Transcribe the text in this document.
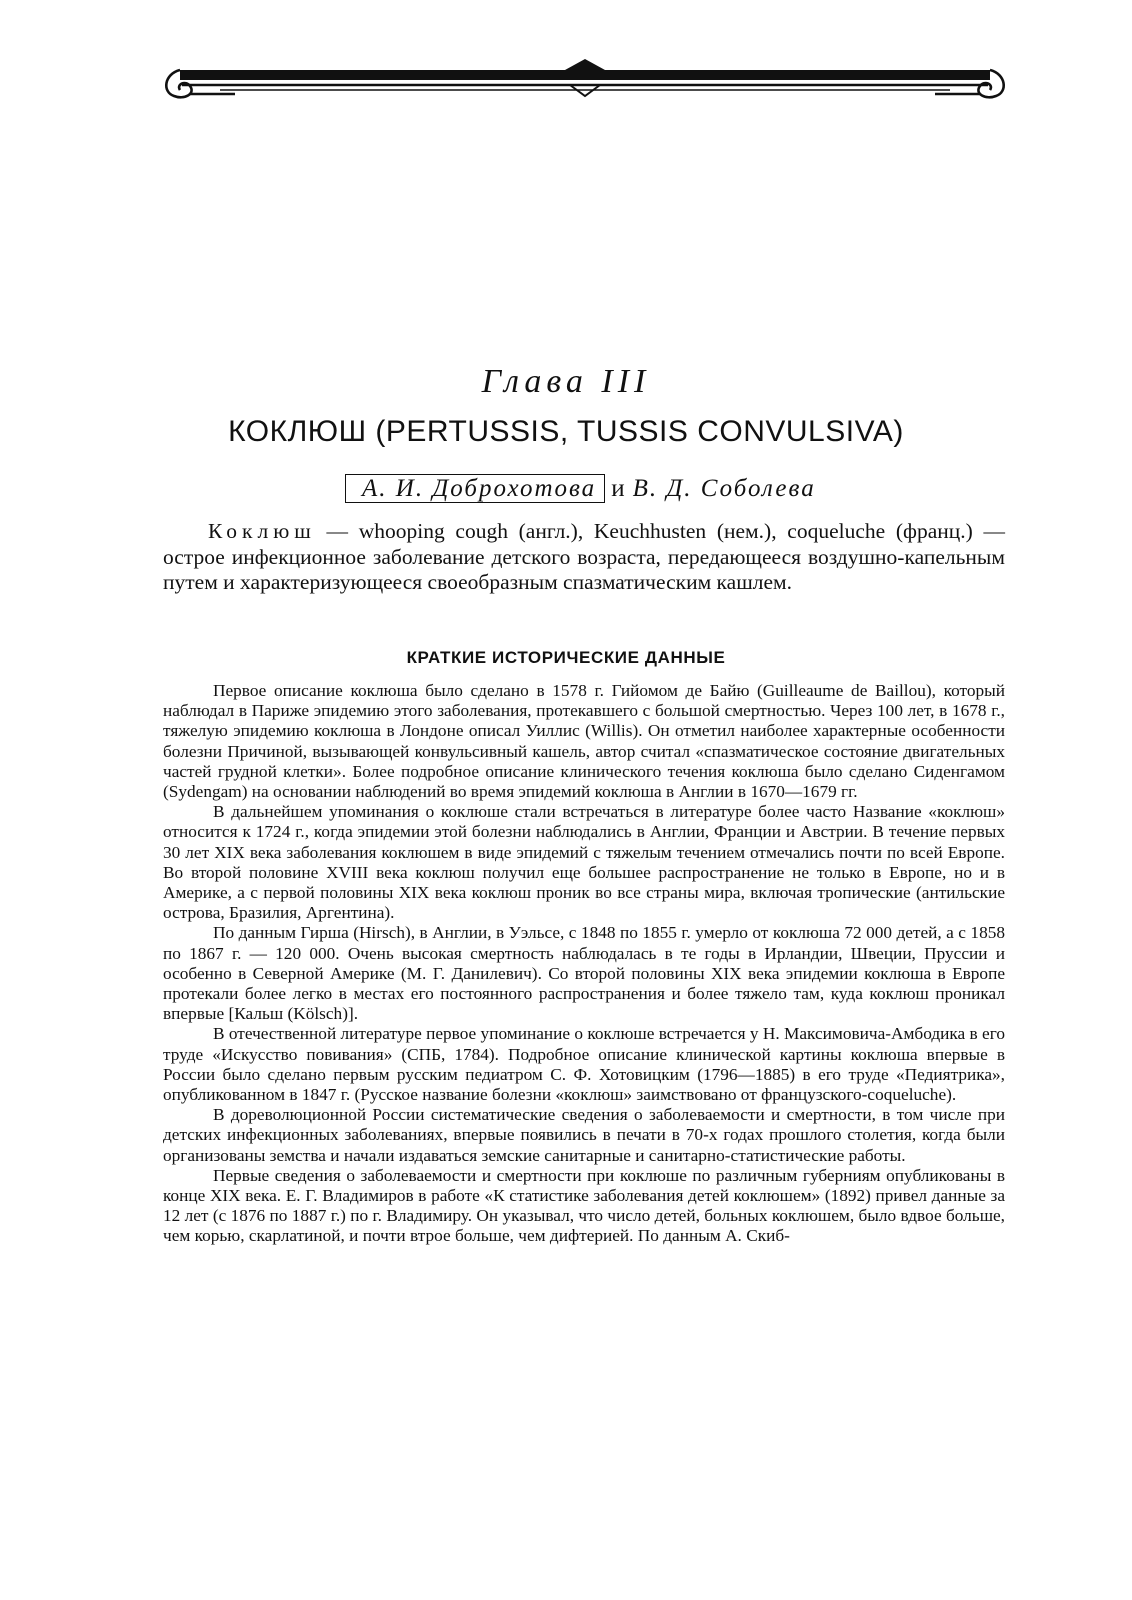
Глава III
КОКЛЮШ (PERTUSSIS, TUSSIS CONVULSIVA)
А. И. Доброхотова и В. Д. Соболева

Коклюш — whooping cough (англ.), Keuchhusten (нем.), coqueluche (франц.) — острое инфекционное заболевание детского возраста, передающееся воздушно-капельным путем и характеризующееся своеобразным спазматическим кашлем.

КРАТКИЕ ИСТОРИЧЕСКИЕ ДАННЫЕ

Первое описание коклюша было сделано в 1578 г. Гийомом де Байю (Guilleaume de Baillou), который наблюдал в Париже эпидемию этого заболевания, протекавшего с большой смертностью. Через 100 лет, в 1678 г., тяжелую эпидемию коклюша в Лондоне описал Уиллис (Willis). Он отметил наиболее характерные особенности болезни Причиной, вызывающей конвульсивный кашель, автор считал «спазматическое состояние двигательных частей грудной клетки». Более подробное описание клинического течения коклюша было сделано Сиденгамом (Sydengam) на основании наблюдений во время эпидемий коклюша в Англии в 1670—1679 гг.

В дальнейшем упоминания о коклюше стали встречаться в литературе более часто Название «коклюш» относится к 1724 г., когда эпидемии этой болезни наблюдались в Англии, Франции и Австрии. В течение первых 30 лет XIX века заболевания коклюшем в виде эпидемий с тяжелым течением отмечались почти по всей Европе. Во второй половине XVIII века коклюш получил еще большее распространение не только в Европе, но и в Америке, а с первой половины XIX века коклюш проник во все страны мира, включая тропические (антильские острова, Бразилия, Аргентина).

По данным Гирша (Hirsch), в Англии, в Уэльсе, с 1848 по 1855 г. умерло от коклюша 72 000 детей, а с 1858 по 1867 г. — 120 000. Очень высокая смертность наблюдалась в те годы в Ирландии, Швеции, Пруссии и особенно в Северной Америке (М. Г. Данилевич). Со второй половины XIX века эпидемии коклюша в Европе протекали более легко в местах его постоянного распространения и более тяжело там, куда коклюш проникал впервые [Кальш (Kölsch)].

В отечественной литературе первое упоминание о коклюше встречается у Н. Максимовича-Амбодика в его труде «Искусство повивания» (СПБ, 1784). Подробное описание клинической картины коклюша впервые в России было сделано первым русским педиатром С. Ф. Хотовицким (1796—1885) в его труде «Педиятрика», опубликованном в 1847 г. (Русское название болезни «коклюш» заимствовано от французского-coqueluche).

В дореволюционной России систематические сведения о заболеваемости и смертности, в том числе при детских инфекционных заболеваниях, впервые появились в печати в 70-х годах прошлого столетия, когда были организованы земства и начали издаваться земские санитарные и санитарно-статистические работы.

Первые сведения о заболеваемости и смертности при коклюше по различным губерниям опубликованы в конце XIX века. Е. Г. Владимиров в работе «К статистике заболевания детей коклюшем» (1892) привел данные за 12 лет (с 1876 по 1887 г.) по г. Владимиру. Он указывал, что число детей, больных коклюшем, было вдвое больше, чем корью, скарлатиной, и почти втрое больше, чем дифтерией. По данным А. Скиб-
